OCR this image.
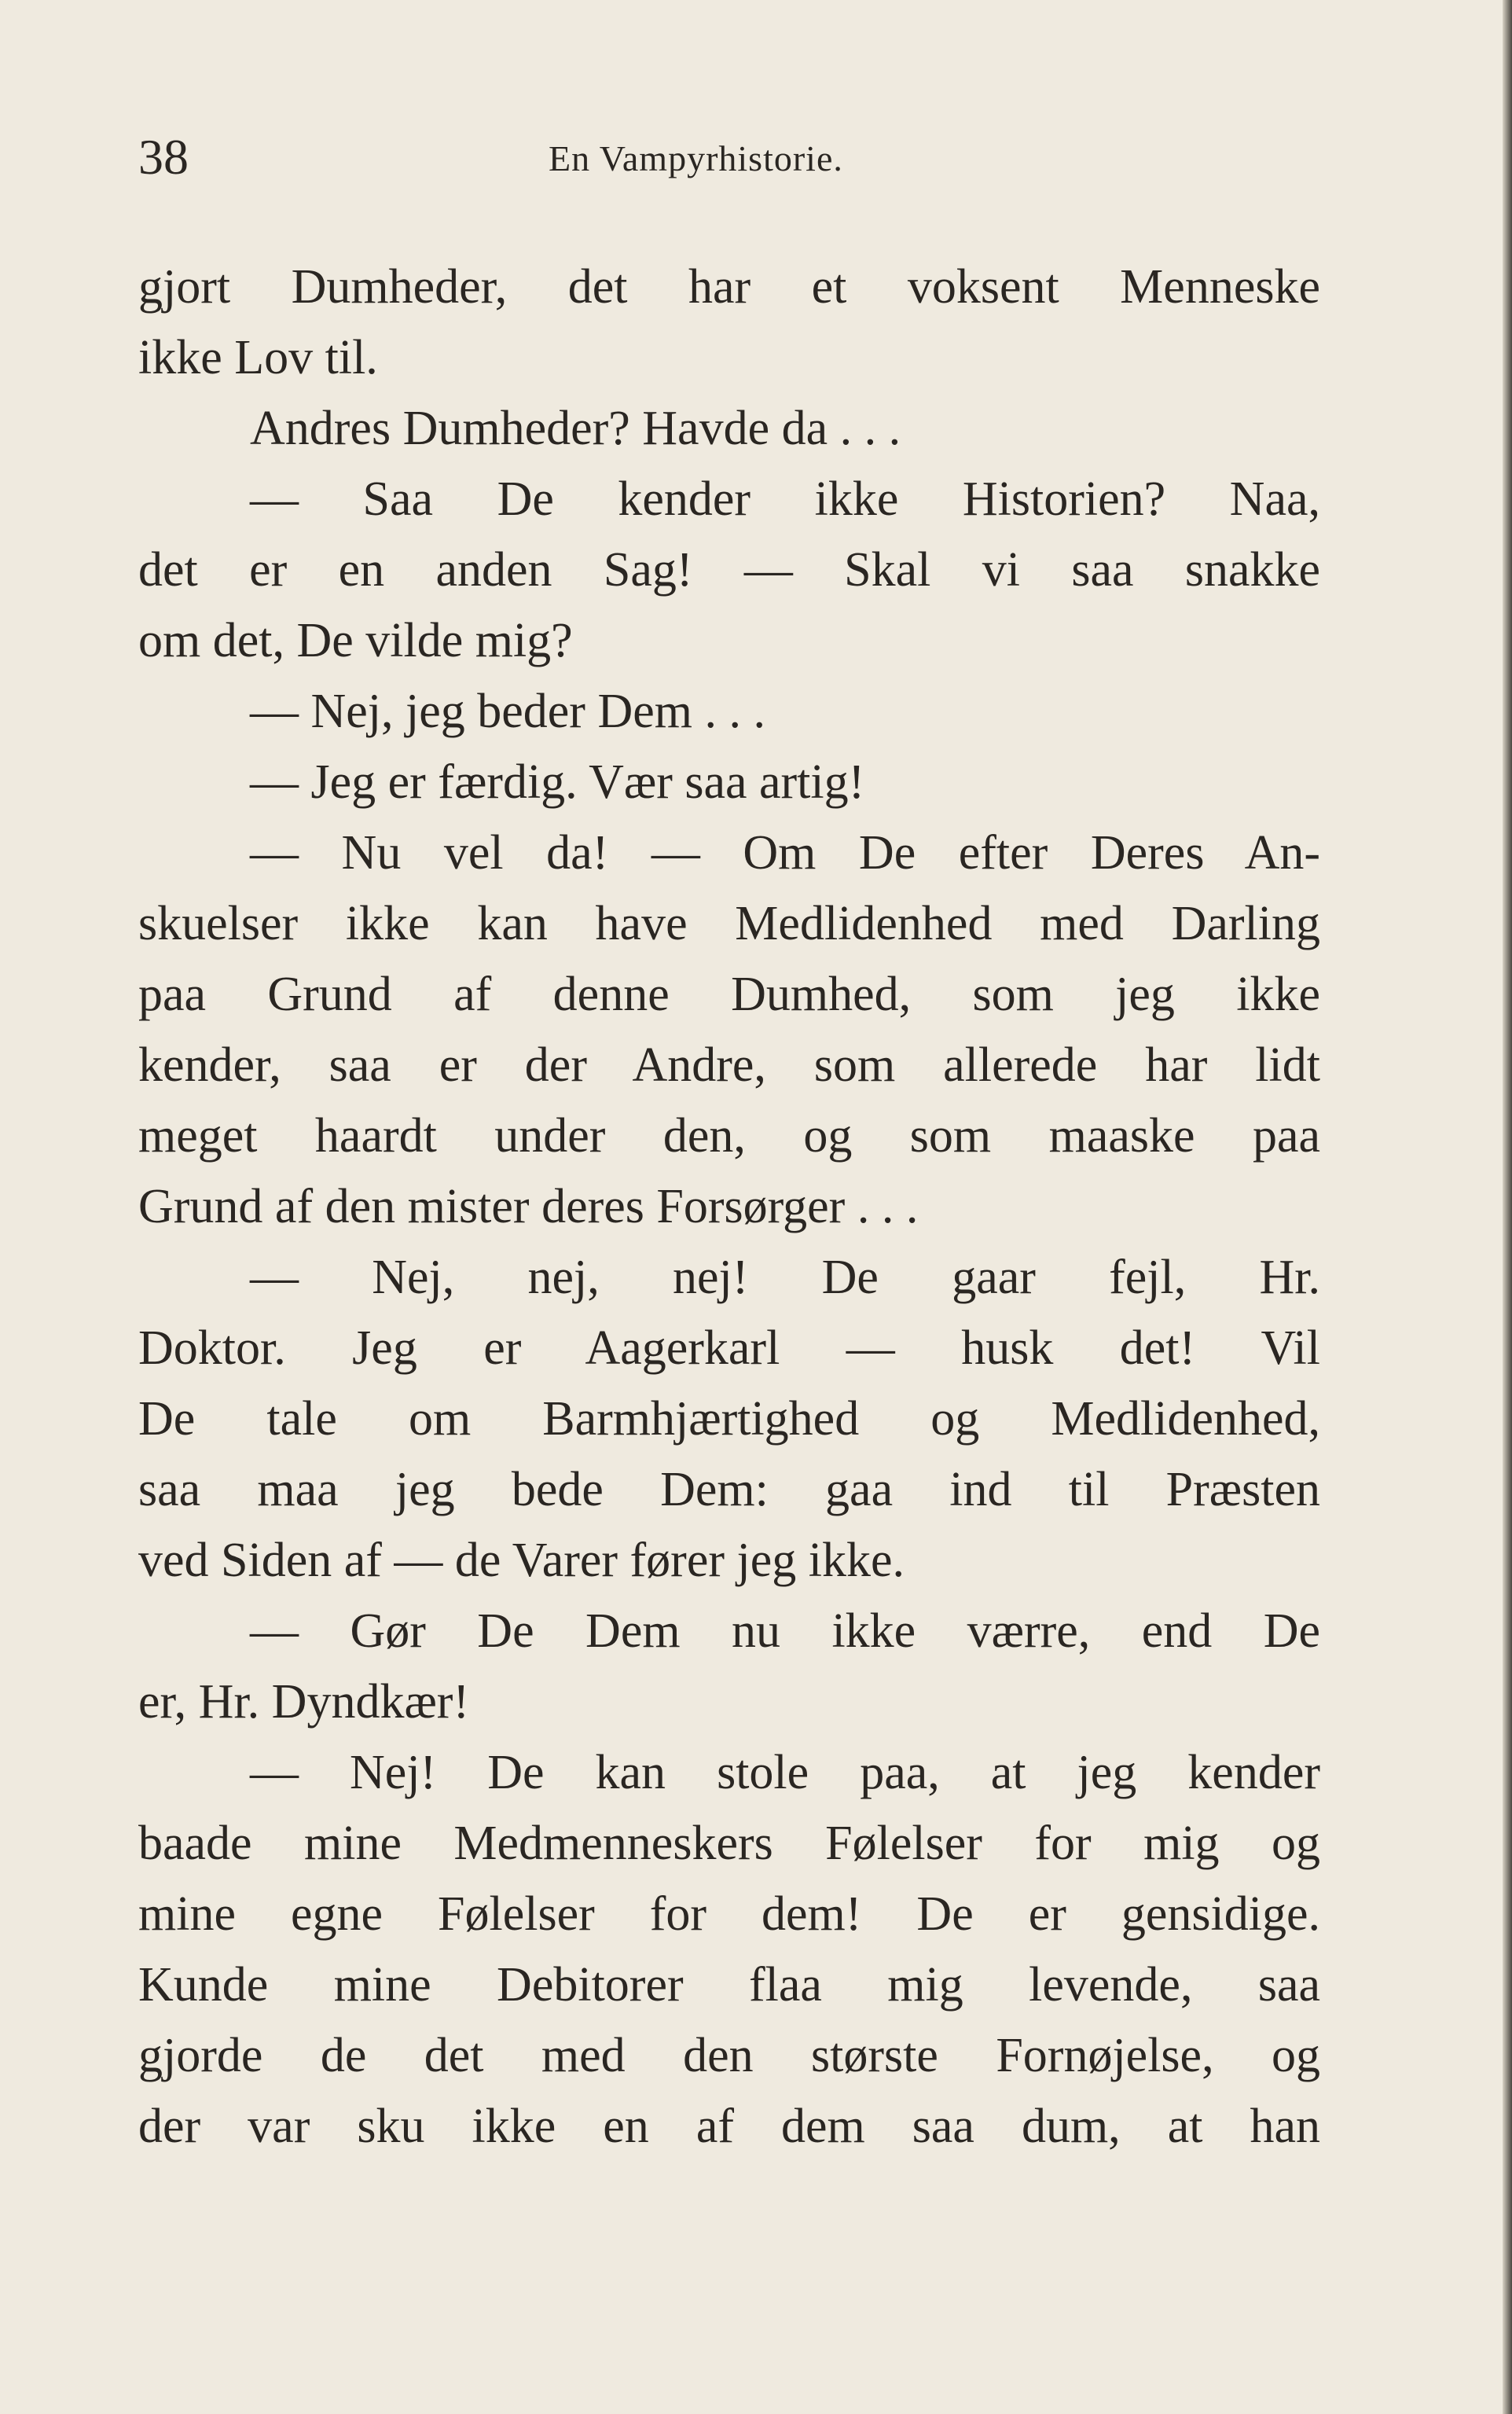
38	En Vampyrhistorie.
gjort Dumheder, det har et voksent Menneske
ikke Lov til.
Andres Dumheder? Havde da . . .
— Saa De kender ikke Historien? Naa,
det er en anden Sag! — Skal vi saa snakke
om det, De vilde mig?
— Nej, jeg beder Dem . . .
— Jeg er færdig. Vær saa artig!
— Nu vel da! — Om De efter Deres An-
skuelser ikke kan have Medlidenhed med Darling
paa Grund af denne Dumhed, som jeg ikke
kender, saa er der Andre, som allerede har lidt
meget haardt under den, og som maaske paa
Grund af den mister deres Forsørger . . .
— Nej, nej, nej! De gaar fejl, Hr.
Doktor. Jeg er Aagerkarl — husk det! Vil
De tale om Barmhjærtighed og Medlidenhed,
saa maa jeg bede Dem: gaa ind til Præsten
ved Siden af — de Varer fører jeg ikke.
— Gør De Dem nu ikke værre, end De
er, Hr. Dyndkær!
— Nej! De kan stole paa, at jeg kender
baade mine Medmenneskers Følelser for mig og
mine egne Følelser for dem! De er gensidige.
Kunde mine Debitorer flaa mig levende, saa
gjorde de det med den største Fornøjelse, og
der var sku ikke en af dem saa dum, at han
